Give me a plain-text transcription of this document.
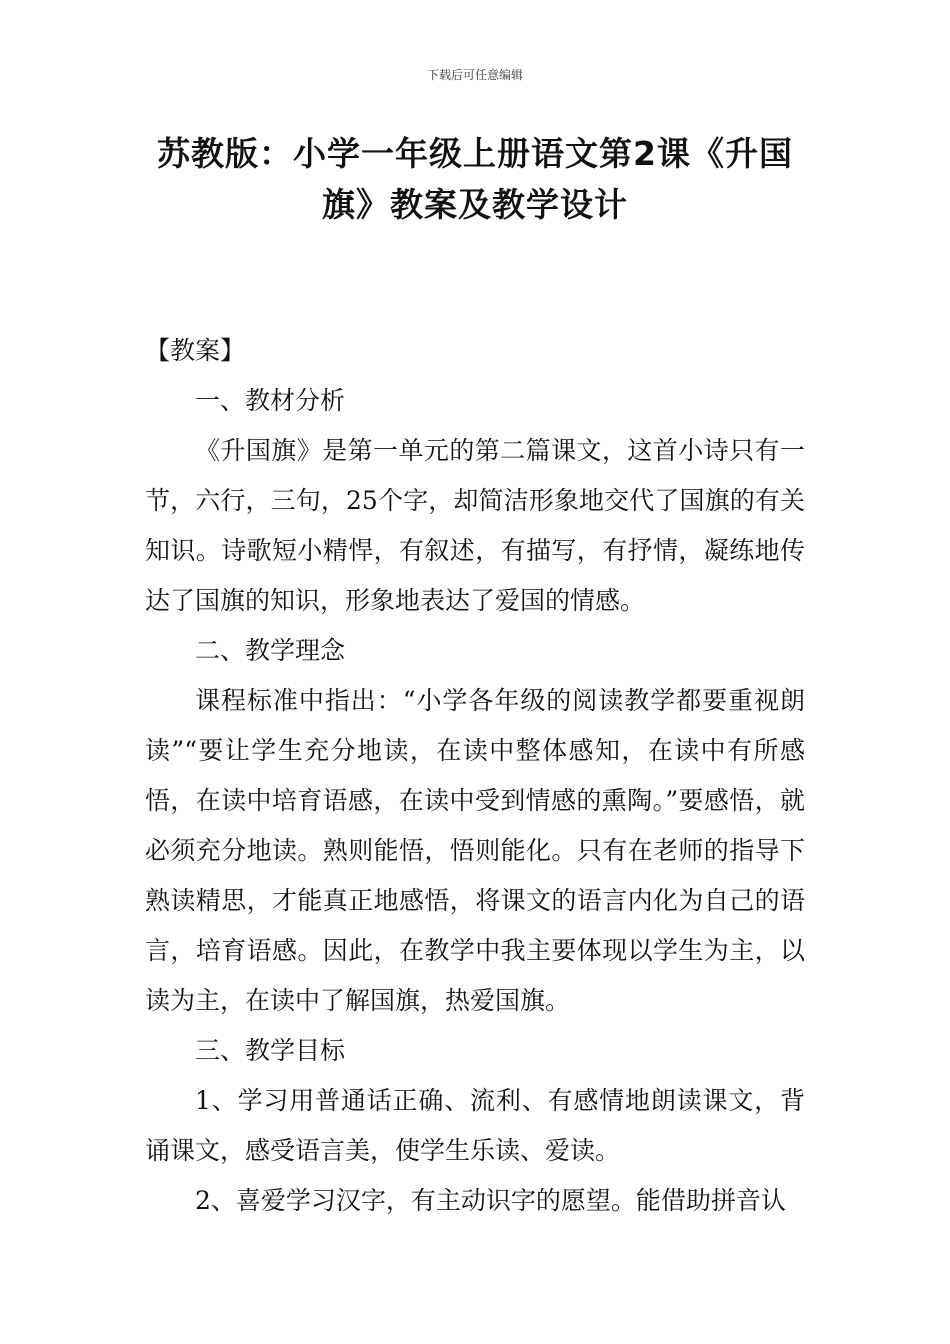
下载后可任意编辑
苏教版：小学一年级上册语文第2课《升国旗》教案及教学设计
【教案】
一、教材分析

《升国旗》是第一单元的第二篇课文，这首小诗只有一节，六行，三句，25个字，却简洁形象地交代了国旗的有关知识。诗歌短小精悍，有叙述，有描写，有抒情，凝练地传达了国旗的知识，形象地表达了爱国的情感。

二、教学理念

课程标准中指出：“小学各年级的阅读教学都要重视朗读”“要让学生充分地读，在读中整体感知，在读中有所感悟，在读中培育语感，在读中受到情感的熏陶。”要感悟，就必须充分地读。熟则能悟，悟则能化。只有在老师的指导下熟读精思，才能真正地感悟，将课文的语言内化为自己的语言，培育语感。因此，在教学中我主要体现以学生为主，以读为主，在读中了解国旗，热爱国旗。

三、教学目标

1、学习用普通话正确、流利、有感情地朗读课文，背诵课文，感受语言美，使学生乐读、爱读。

2、喜爱学习汉字，有主动识字的愿望。能借助拼音认
